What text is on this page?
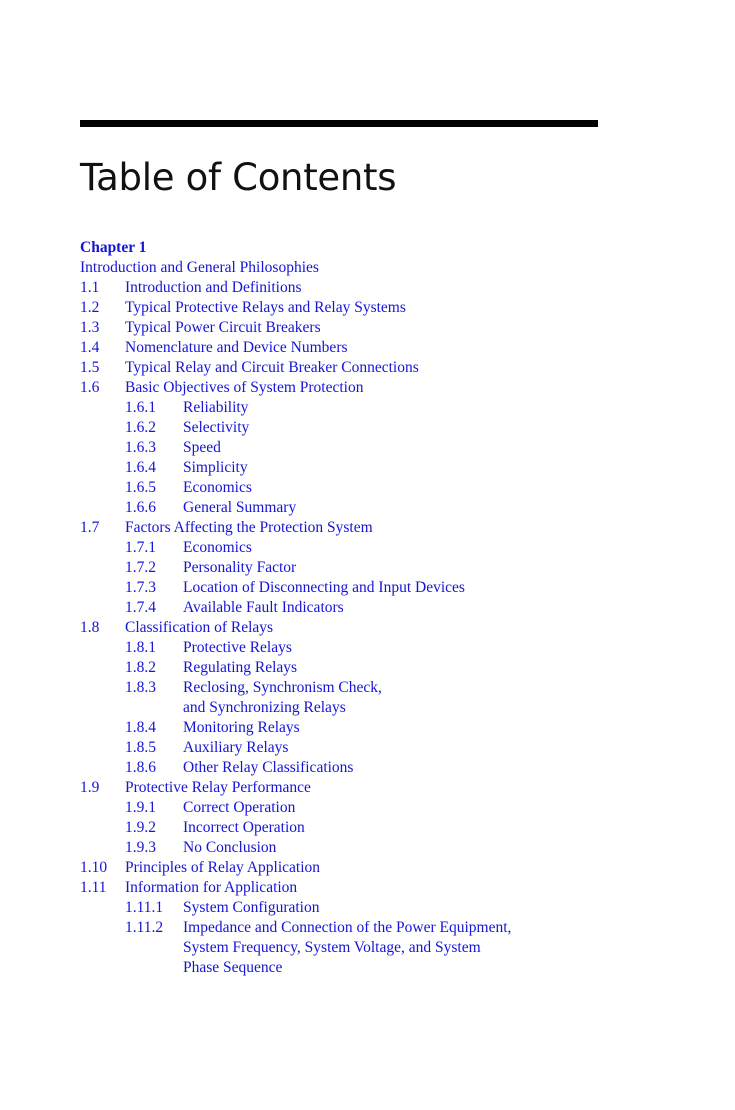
Table of Contents
Chapter 1
Introduction and General Philosophies
1.1	Introduction and Definitions
1.2	Typical Protective Relays and Relay Systems
1.3	Typical Power Circuit Breakers
1.4	Nomenclature and Device Numbers
1.5	Typical Relay and Circuit Breaker Connections
1.6	Basic Objectives of System Protection
1.6.1	Reliability
1.6.2	Selectivity
1.6.3	Speed
1.6.4	Simplicity
1.6.5	Economics
1.6.6	General Summary
1.7	Factors Affecting the Protection System
1.7.1	Economics
1.7.2	Personality Factor
1.7.3	Location of Disconnecting and Input Devices
1.7.4	Available Fault Indicators
1.8	Classification of Relays
1.8.1	Protective Relays
1.8.2	Regulating Relays
1.8.3	Reclosing, Synchronism Check,
and Synchronizing Relays
1.8.4	Monitoring Relays
1.8.5	Auxiliary Relays
1.8.6	Other Relay Classifications
1.9	Protective Relay Performance
1.9.1	Correct Operation
1.9.2	Incorrect Operation
1.9.3	No Conclusion
1.10	Principles of Relay Application
1.11	Information for Application
1.11.1	System Configuration
1.11.2	Impedance and Connection of the Power Equipment,
System Frequency, System Voltage, and System
Phase Sequence
